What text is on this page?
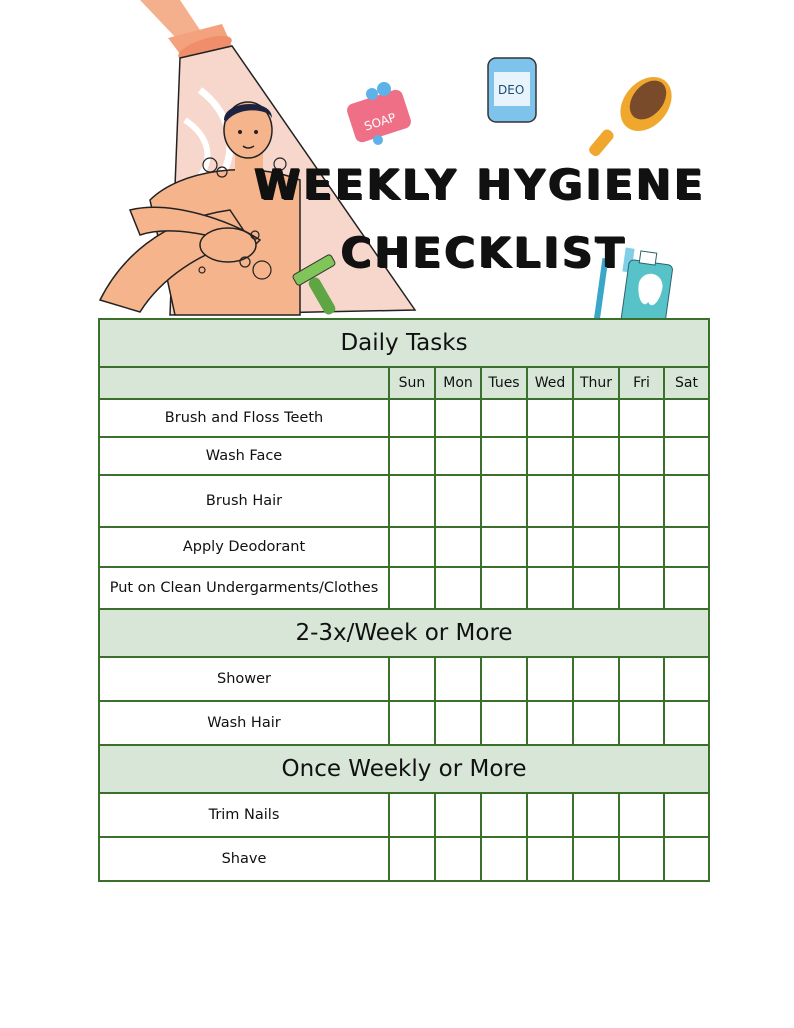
SOAP
DEO
WEEKLY HYGIENE
CHECKLIST
Daily Tasks							
	Sun	Mon	Tues	Wed	Thur	Fri	Sat
Brush and Floss Teeth							
Wash Face							
Brush Hair							
Apply Deodorant							
Put on Clean Undergarments/Clothes							
2-3x/Week or More							
Shower							
Wash Hair							
Once Weekly or More							
Trim Nails							
Shave							
